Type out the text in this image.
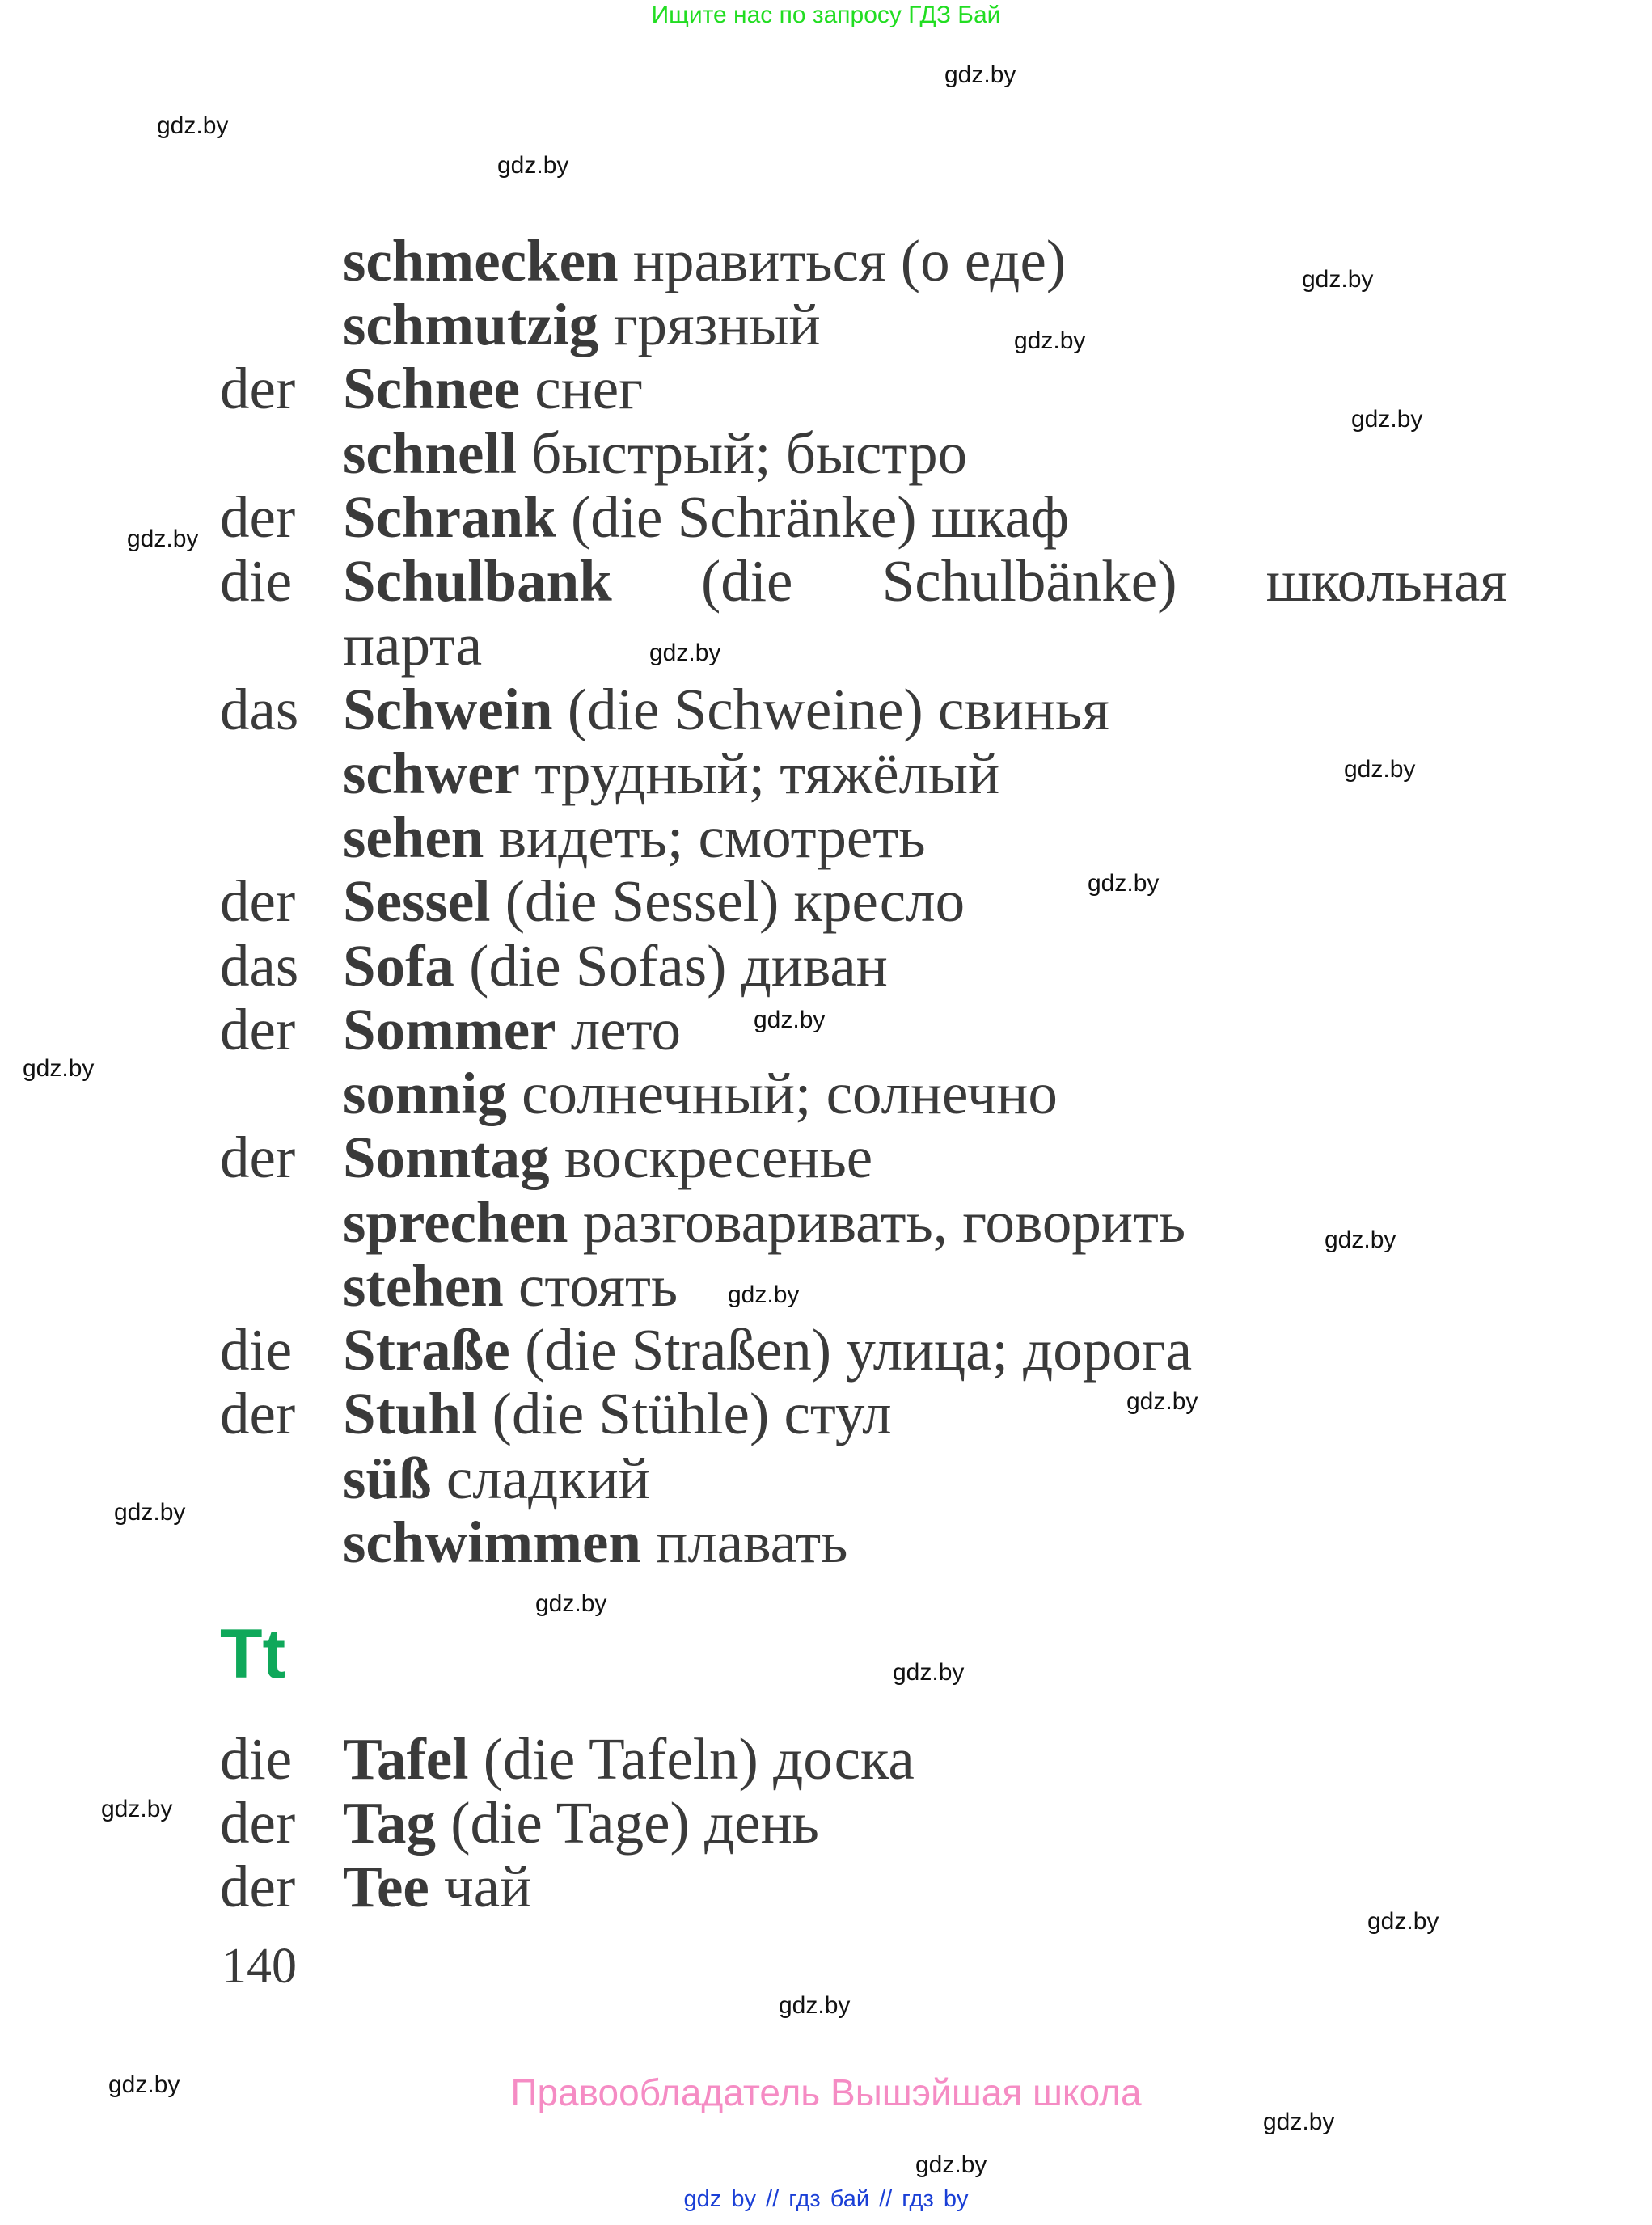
Ищите нас по запросу ГДЗ Бай
gdz.by
gdz.by
gdz.by
gdz.by
gdz.by
gdz.by
gdz.by
gdz.by
gdz.by
gdz.by
gdz.by
gdz.by
gdz.by
gdz.by
gdz.by
gdz.by
gdz.by
gdz.by
gdz.by
gdz.by
gdz.by
gdz.by
gdz.by
gdz.by
schmecken нравиться (о еде)
schmutzig грязный
der Schnee снег
schnell быстрый; быстро
der Schrank (die Schränke) шкаф
die Schulbank (die Schulbänke) школьная
парта
das Schwein (die Schweine) свинья
schwer трудный; тяжёлый
sehen видеть; смотреть
der Sessel (die Sessel) кресло
das Sofa (die Sofas) диван
der Sommer лето
sonnig солнечный; солнечно
der Sonntag воскресенье
sprechen разговаривать, говорить
stehen стоять
die Straße (die Straßen) улица; дорога
der Stuhl (die Stühle) стул
süß сладкий
schwimmen плавать
Tt
die Tafel (die Tafeln) доска
der Tag (die Tage) день
der Tee чай
140
Правообладатель Вышэйшая школа
gdz by // гдз бай // гдз by
